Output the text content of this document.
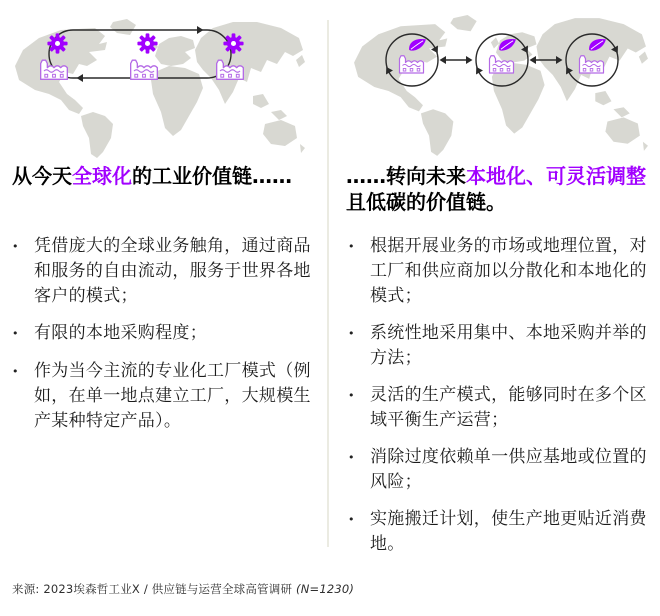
从今天全球化的工业价值链……	……转向未来本地化、可灵活调整且低碳的价值链。
•
凭借庞大的全球业务触角，通过商品和服务的自由流动，服务于世界各地客户的模式；
•
有限的本地采购程度；
•
作为当今主流的专业化工厂模式（例如，在单一地点建立工厂，大规模生产某种特定产品）。
•
根据开展业务的市场或地理位置，对工厂和供应商加以分散化和本地化的模式；
•
系统性地采用集中、本地采购并举的方法；
•
灵活的生产模式，能够同时在多个区域平衡生产运营；
•
消除过度依赖单一供应基地或位置的风险；
•
实施搬迁计划，使生产地更贴近消费地。

来源: 2023埃森哲工业X / 供应链与运营全球高管调研 (N=1230)
